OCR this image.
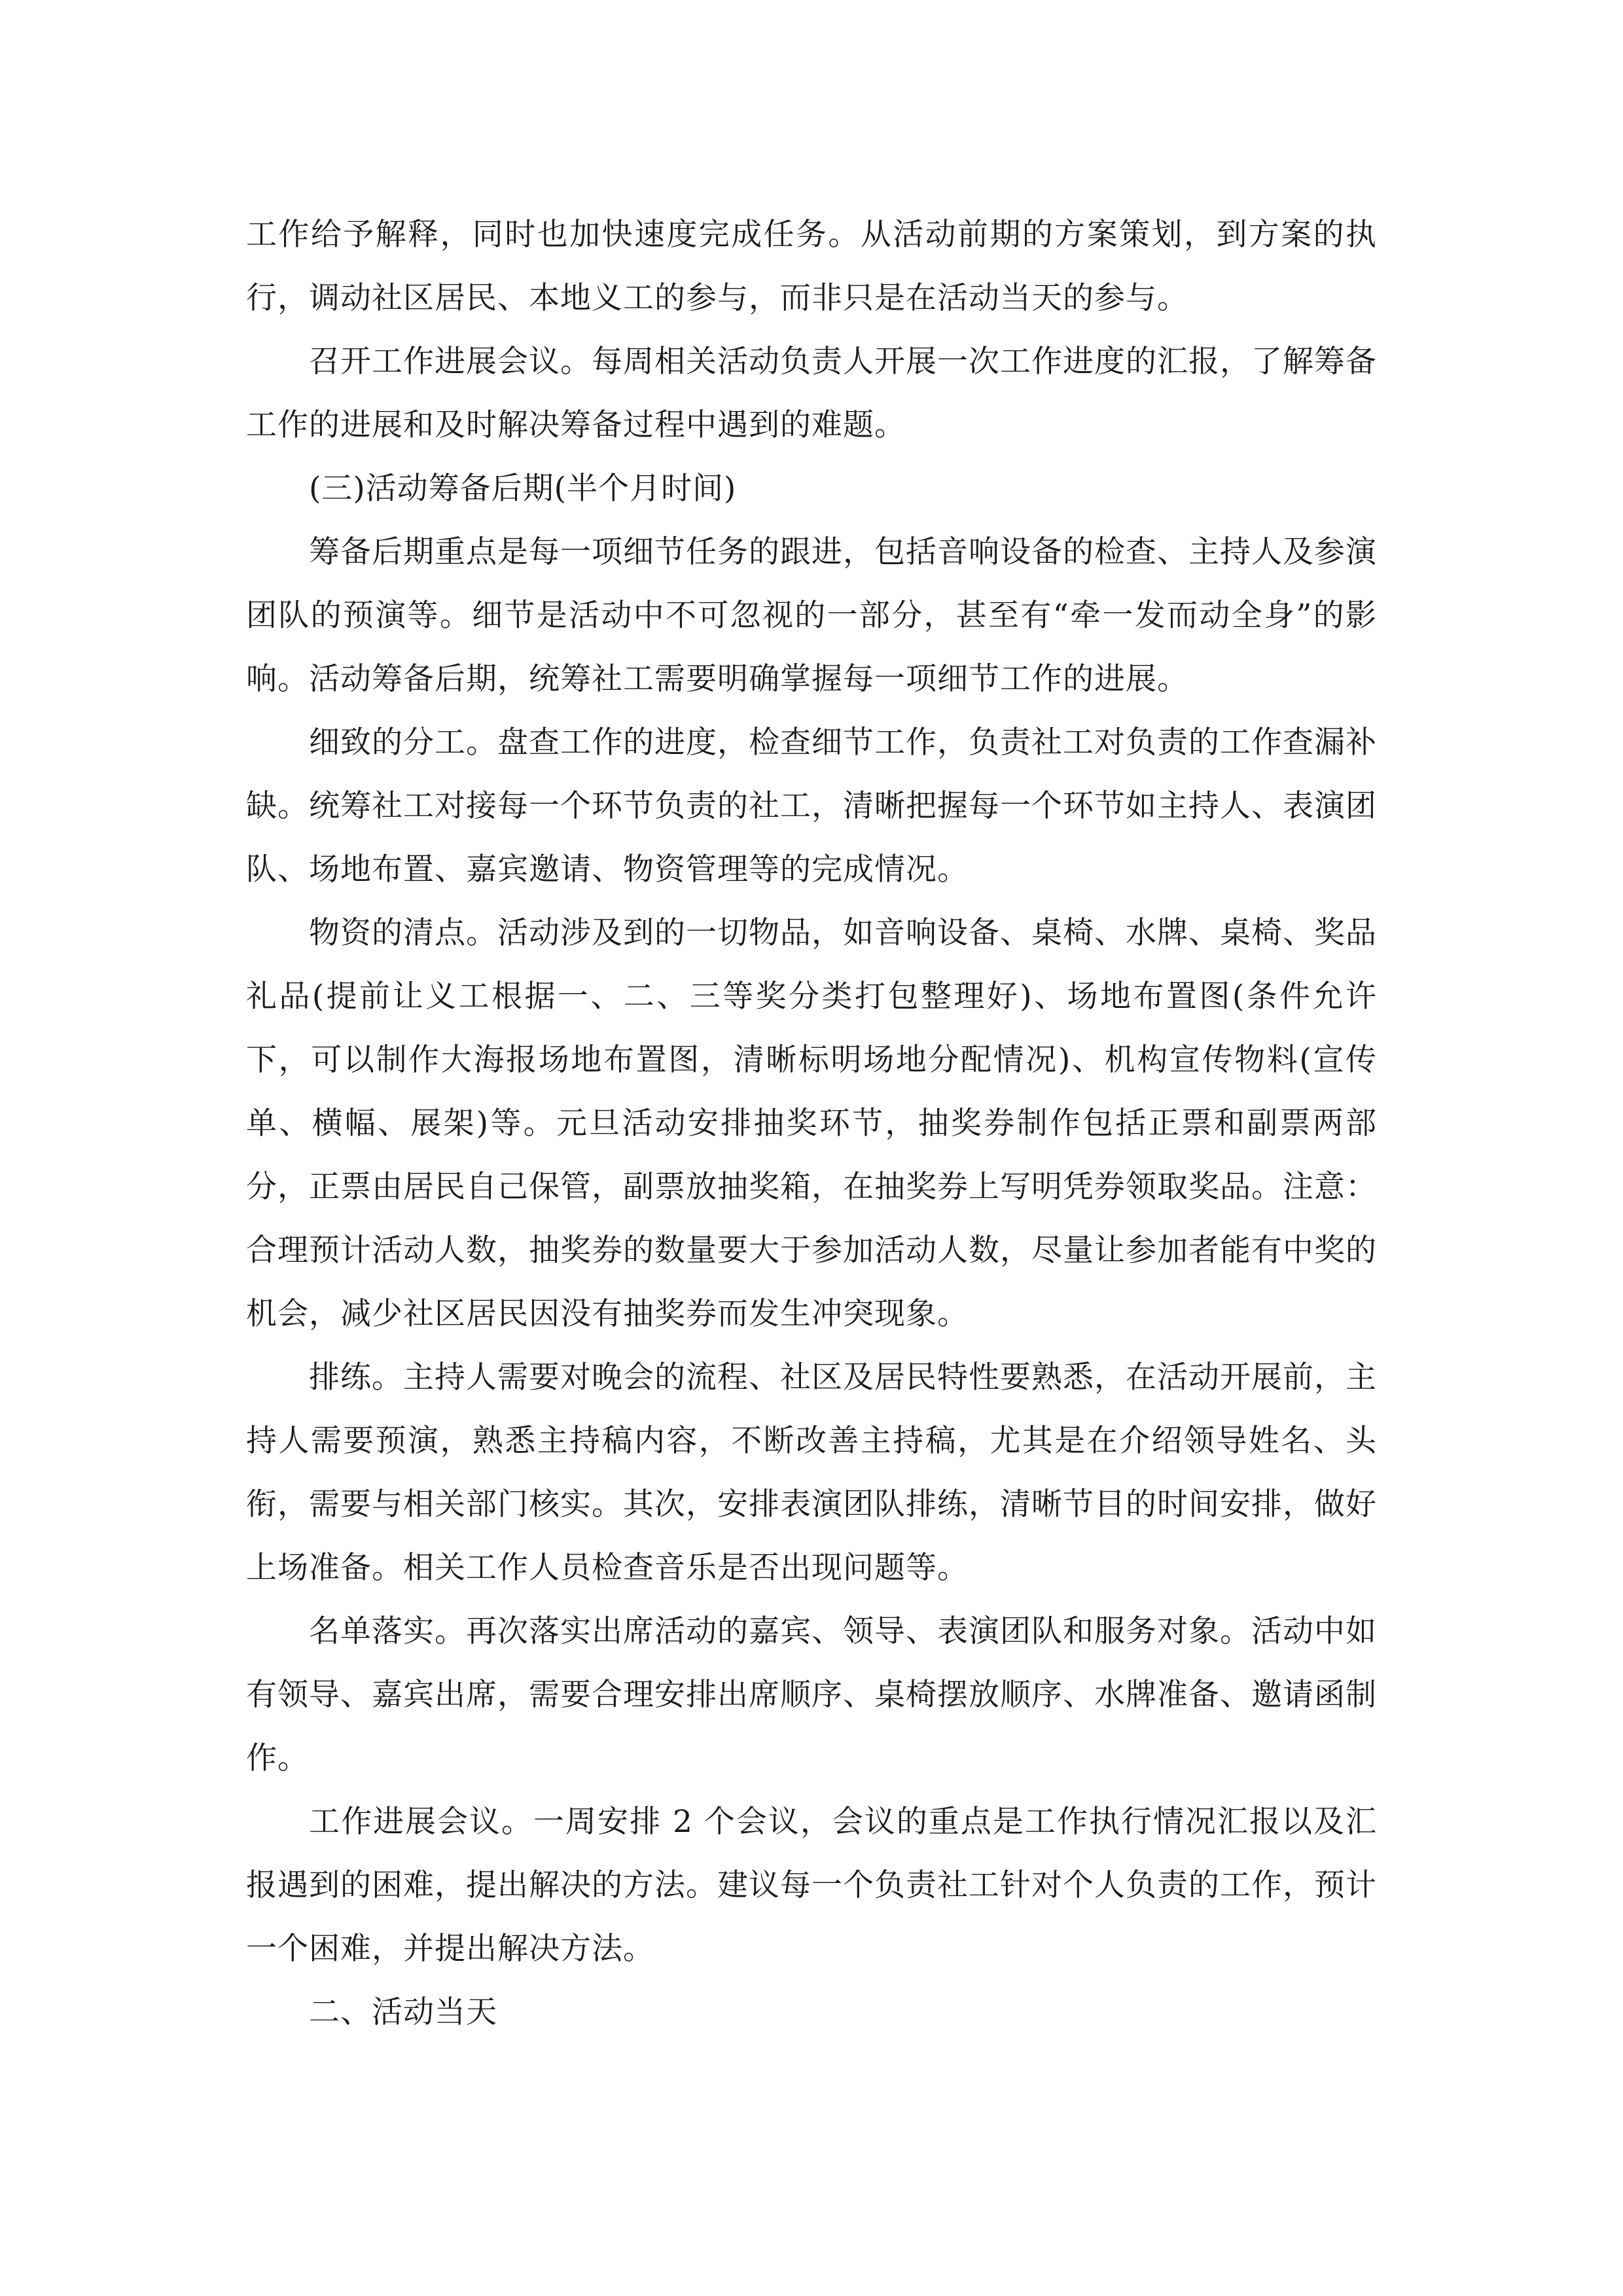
工作给予解释，同时也加快速度完成任务。从活动前期的方案策划，到方案的执行，调动社区居民、本地义工的参与，而非只是在活动当天的参与。

召开工作进展会议。每周相关活动负责人开展一次工作进度的汇报，了解筹备工作的进展和及时解决筹备过程中遇到的难题。

(三)活动筹备后期(半个月时间)

筹备后期重点是每一项细节任务的跟进，包括音响设备的检查、主持人及参演团队的预演等。细节是活动中不可忽视的一部分，甚至有“牵一发而动全身”的影响。活动筹备后期，统筹社工需要明确掌握每一项细节工作的进展。

细致的分工。盘查工作的进度，检查细节工作，负责社工对负责的工作查漏补缺。统筹社工对接每一个环节负责的社工，清晰把握每一个环节如主持人、表演团队、场地布置、嘉宾邀请、物资管理等的完成情况。

物资的清点。活动涉及到的一切物品，如音响设备、桌椅、水牌、桌椅、奖品礼品(提前让义工根据一、二、三等奖分类打包整理好)、场地布置图(条件允许下，可以制作大海报场地布置图，清晰标明场地分配情况)、机构宣传物料(宣传单、横幅、展架)等。元旦活动安排抽奖环节，抽奖券制作包括正票和副票两部分，正票由居民自己保管，副票放抽奖箱，在抽奖券上写明凭券领取奖品。注意：合理预计活动人数，抽奖券的数量要大于参加活动人数，尽量让参加者能有中奖的机会，减少社区居民因没有抽奖券而发生冲突现象。

排练。主持人需要对晚会的流程、社区及居民特性要熟悉，在活动开展前，主持人需要预演，熟悉主持稿内容，不断改善主持稿，尤其是在介绍领导姓名、头衔，需要与相关部门核实。其次，安排表演团队排练，清晰节目的时间安排，做好上场准备。相关工作人员检查音乐是否出现问题等。

名单落实。再次落实出席活动的嘉宾、领导、表演团队和服务对象。活动中如有领导、嘉宾出席，需要合理安排出席顺序、桌椅摆放顺序、水牌准备、邀请函制作。

工作进展会议。一周安排 2 个会议，会议的重点是工作执行情况汇报以及汇报遇到的困难，提出解决的方法。建议每一个负责社工针对个人负责的工作，预计一个困难，并提出解决方法。

二、活动当天
